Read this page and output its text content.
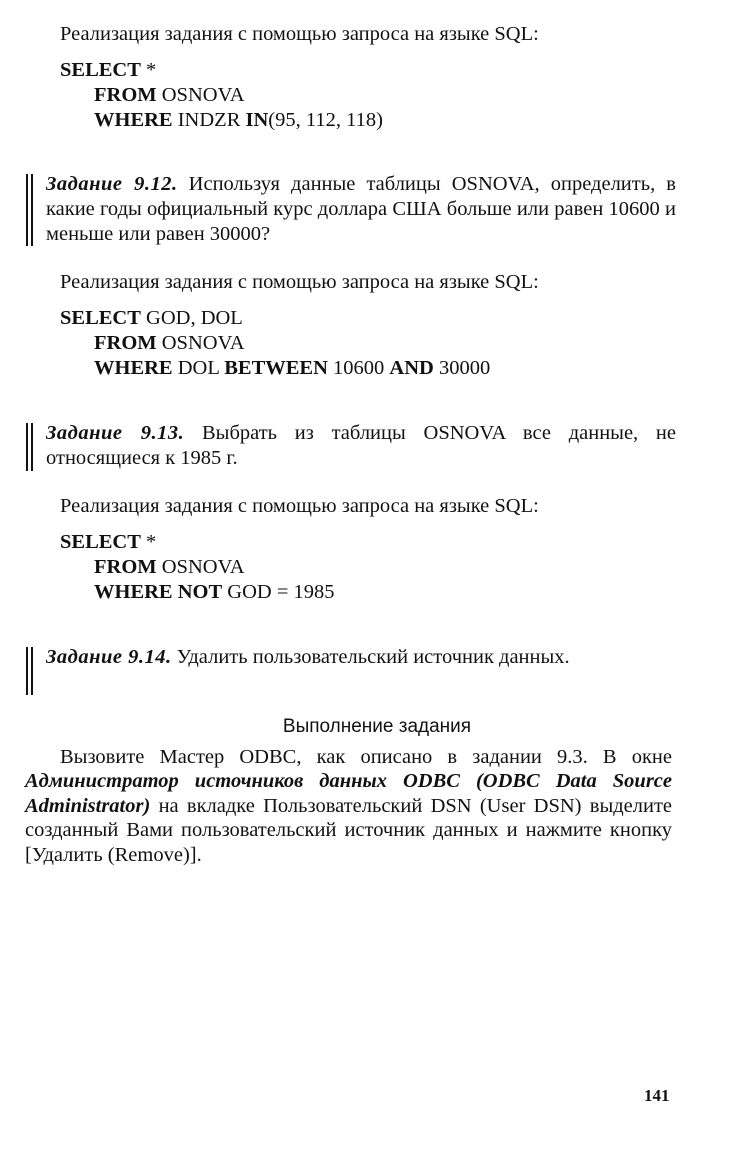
Реализация задания с помощью запроса на языке SQL:
SELECT *
FROM OSNOVA
WHERE INDZR IN(95, 112, 118)
Задание 9.12. Используя данные таблицы OSNOVA, определить, в какие годы официальный курс доллара США больше или равен 10600 и меньше или равен 30000?
Реализация задания с помощью запроса на языке SQL:
SELECT GOD, DOL
FROM OSNOVA
WHERE DOL BETWEEN 10600 AND 30000
Задание 9.13. Выбрать из таблицы OSNOVA все данные, не относящиеся к 1985 г.
Реализация задания с помощью запроса на языке SQL:
SELECT *
FROM OSNOVA
WHERE NOT GOD = 1985
Задание 9.14. Удалить пользовательский источник данных.
Выполнение задания
Вызовите Мастер ODBC, как описано в задании 9.3. В окне Администратор источников данных ODBC (ODBC Data Source Administrator) на вкладке Пользовательский DSN (User DSN) выделите созданный Вами пользовательский источник данных и нажмите кнопку [Удалить (Remove)].
141
